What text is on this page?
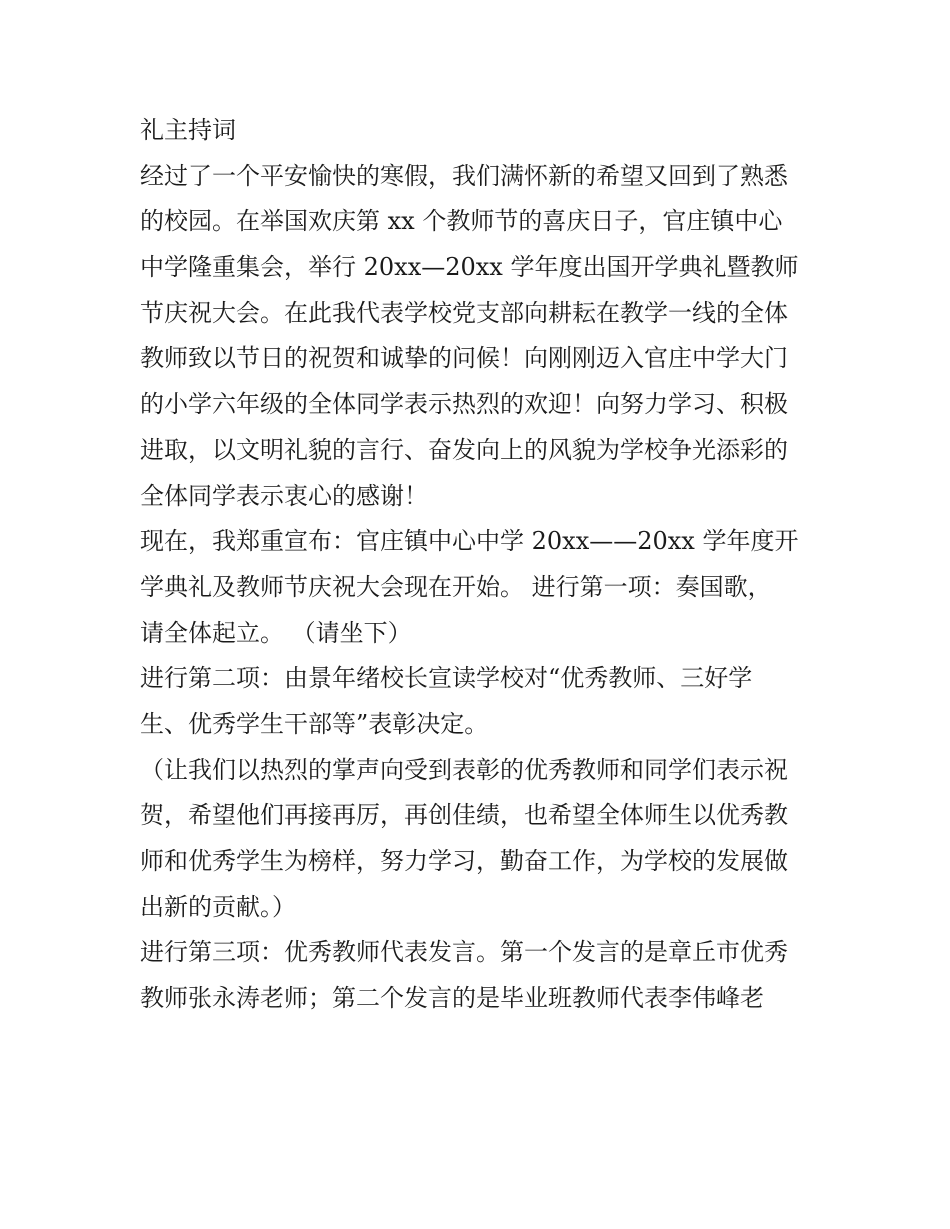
礼主持词

经过了一个平安愉快的寒假，我们满怀新的希望又回到了熟悉

的校园。在举国欢庆第 xx 个教师节的喜庆日子，官庄镇中心

中学隆重集会，举行 20xx—20xx 学年度出国开学典礼暨教师

节庆祝大会。在此我代表学校党支部向耕耘在教学一线的全体

教师致以节日的祝贺和诚挚的问候！向刚刚迈入官庄中学大门

的小学六年级的全体同学表示热烈的欢迎！向努力学习、积极

进取，以文明礼貌的言行、奋发向上的风貌为学校争光添彩的

全体同学表示衷心的感谢！

现在，我郑重宣布：官庄镇中心中学 20xx——20xx 学年度开

学典礼及教师节庆祝大会现在开始。 进行第一项：奏国歌，

请全体起立。 （请坐下）

进行第二项：由景年绪校长宣读学校对“优秀教师、三好学

生、优秀学生干部等”表彰决定。

（让我们以热烈的掌声向受到表彰的优秀教师和同学们表示祝

贺，希望他们再接再厉，再创佳绩，也希望全体师生以优秀教

师和优秀学生为榜样，努力学习，勤奋工作，为学校的发展做

出新的贡献。）

进行第三项：优秀教师代表发言。第一个发言的是章丘市优秀

教师张永涛老师；第二个发言的是毕业班教师代表李伟峰老
